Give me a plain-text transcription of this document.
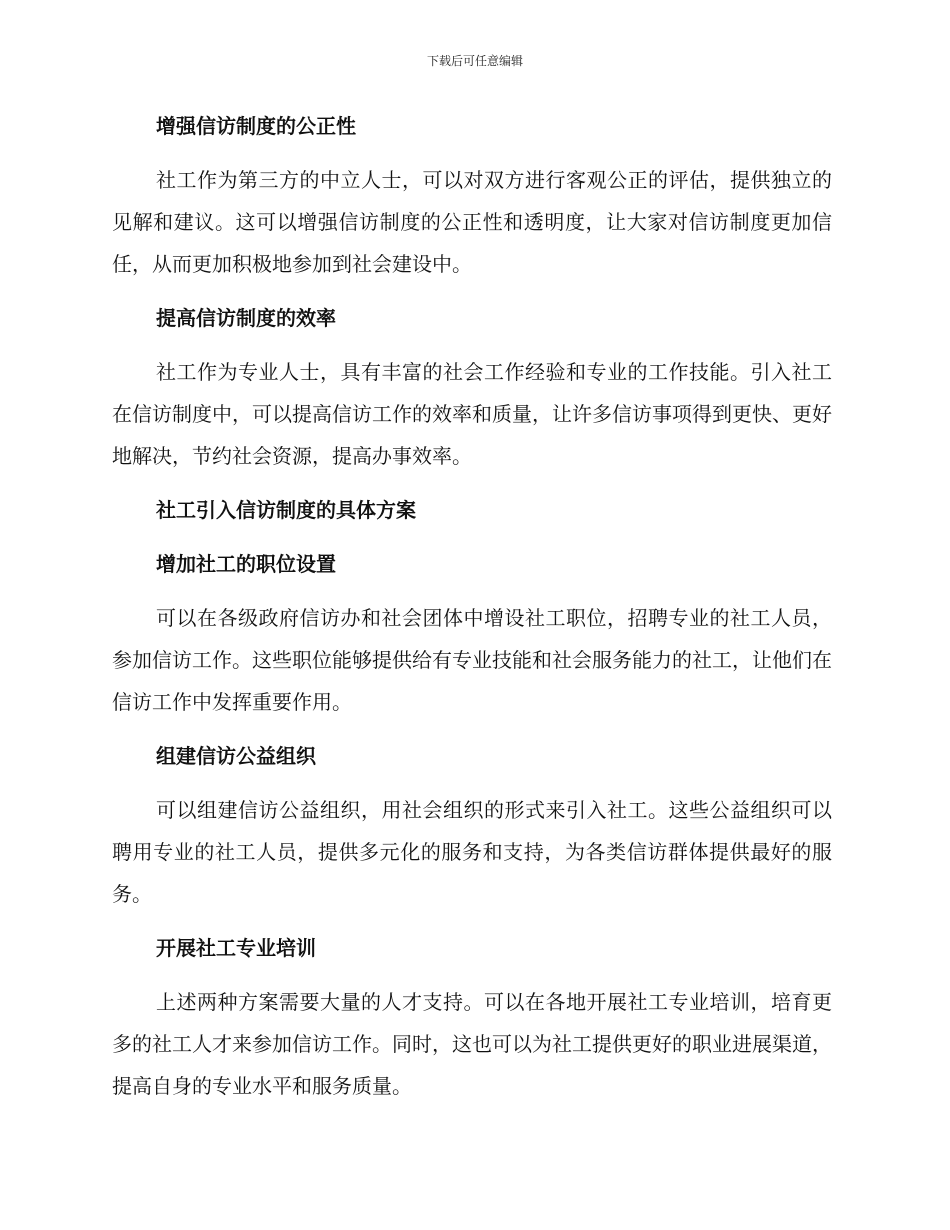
下载后可任意编辑
增强信访制度的公正性

社工作为第三方的中立人士，可以对双方进行客观公正的评估，提供独立的见解和建议。这可以增强信访制度的公正性和透明度，让大家对信访制度更加信任，从而更加积极地参加到社会建设中。

提高信访制度的效率

社工作为专业人士，具有丰富的社会工作经验和专业的工作技能。引入社工在信访制度中，可以提高信访工作的效率和质量，让许多信访事项得到更快、更好地解决，节约社会资源，提高办事效率。

社工引入信访制度的具体方案
增加社工的职位设置

可以在各级政府信访办和社会团体中增设社工职位，招聘专业的社工人员，参加信访工作。这些职位能够提供给有专业技能和社会服务能力的社工，让他们在信访工作中发挥重要作用。

组建信访公益组织

可以组建信访公益组织，用社会组织的形式来引入社工。这些公益组织可以聘用专业的社工人员，提供多元化的服务和支持，为各类信访群体提供最好的服务。

开展社工专业培训

上述两种方案需要大量的人才支持。可以在各地开展社工专业培训，培育更多的社工人才来参加信访工作。同时，这也可以为社工提供更好的职业进展渠道，提高自身的专业水平和服务质量。
